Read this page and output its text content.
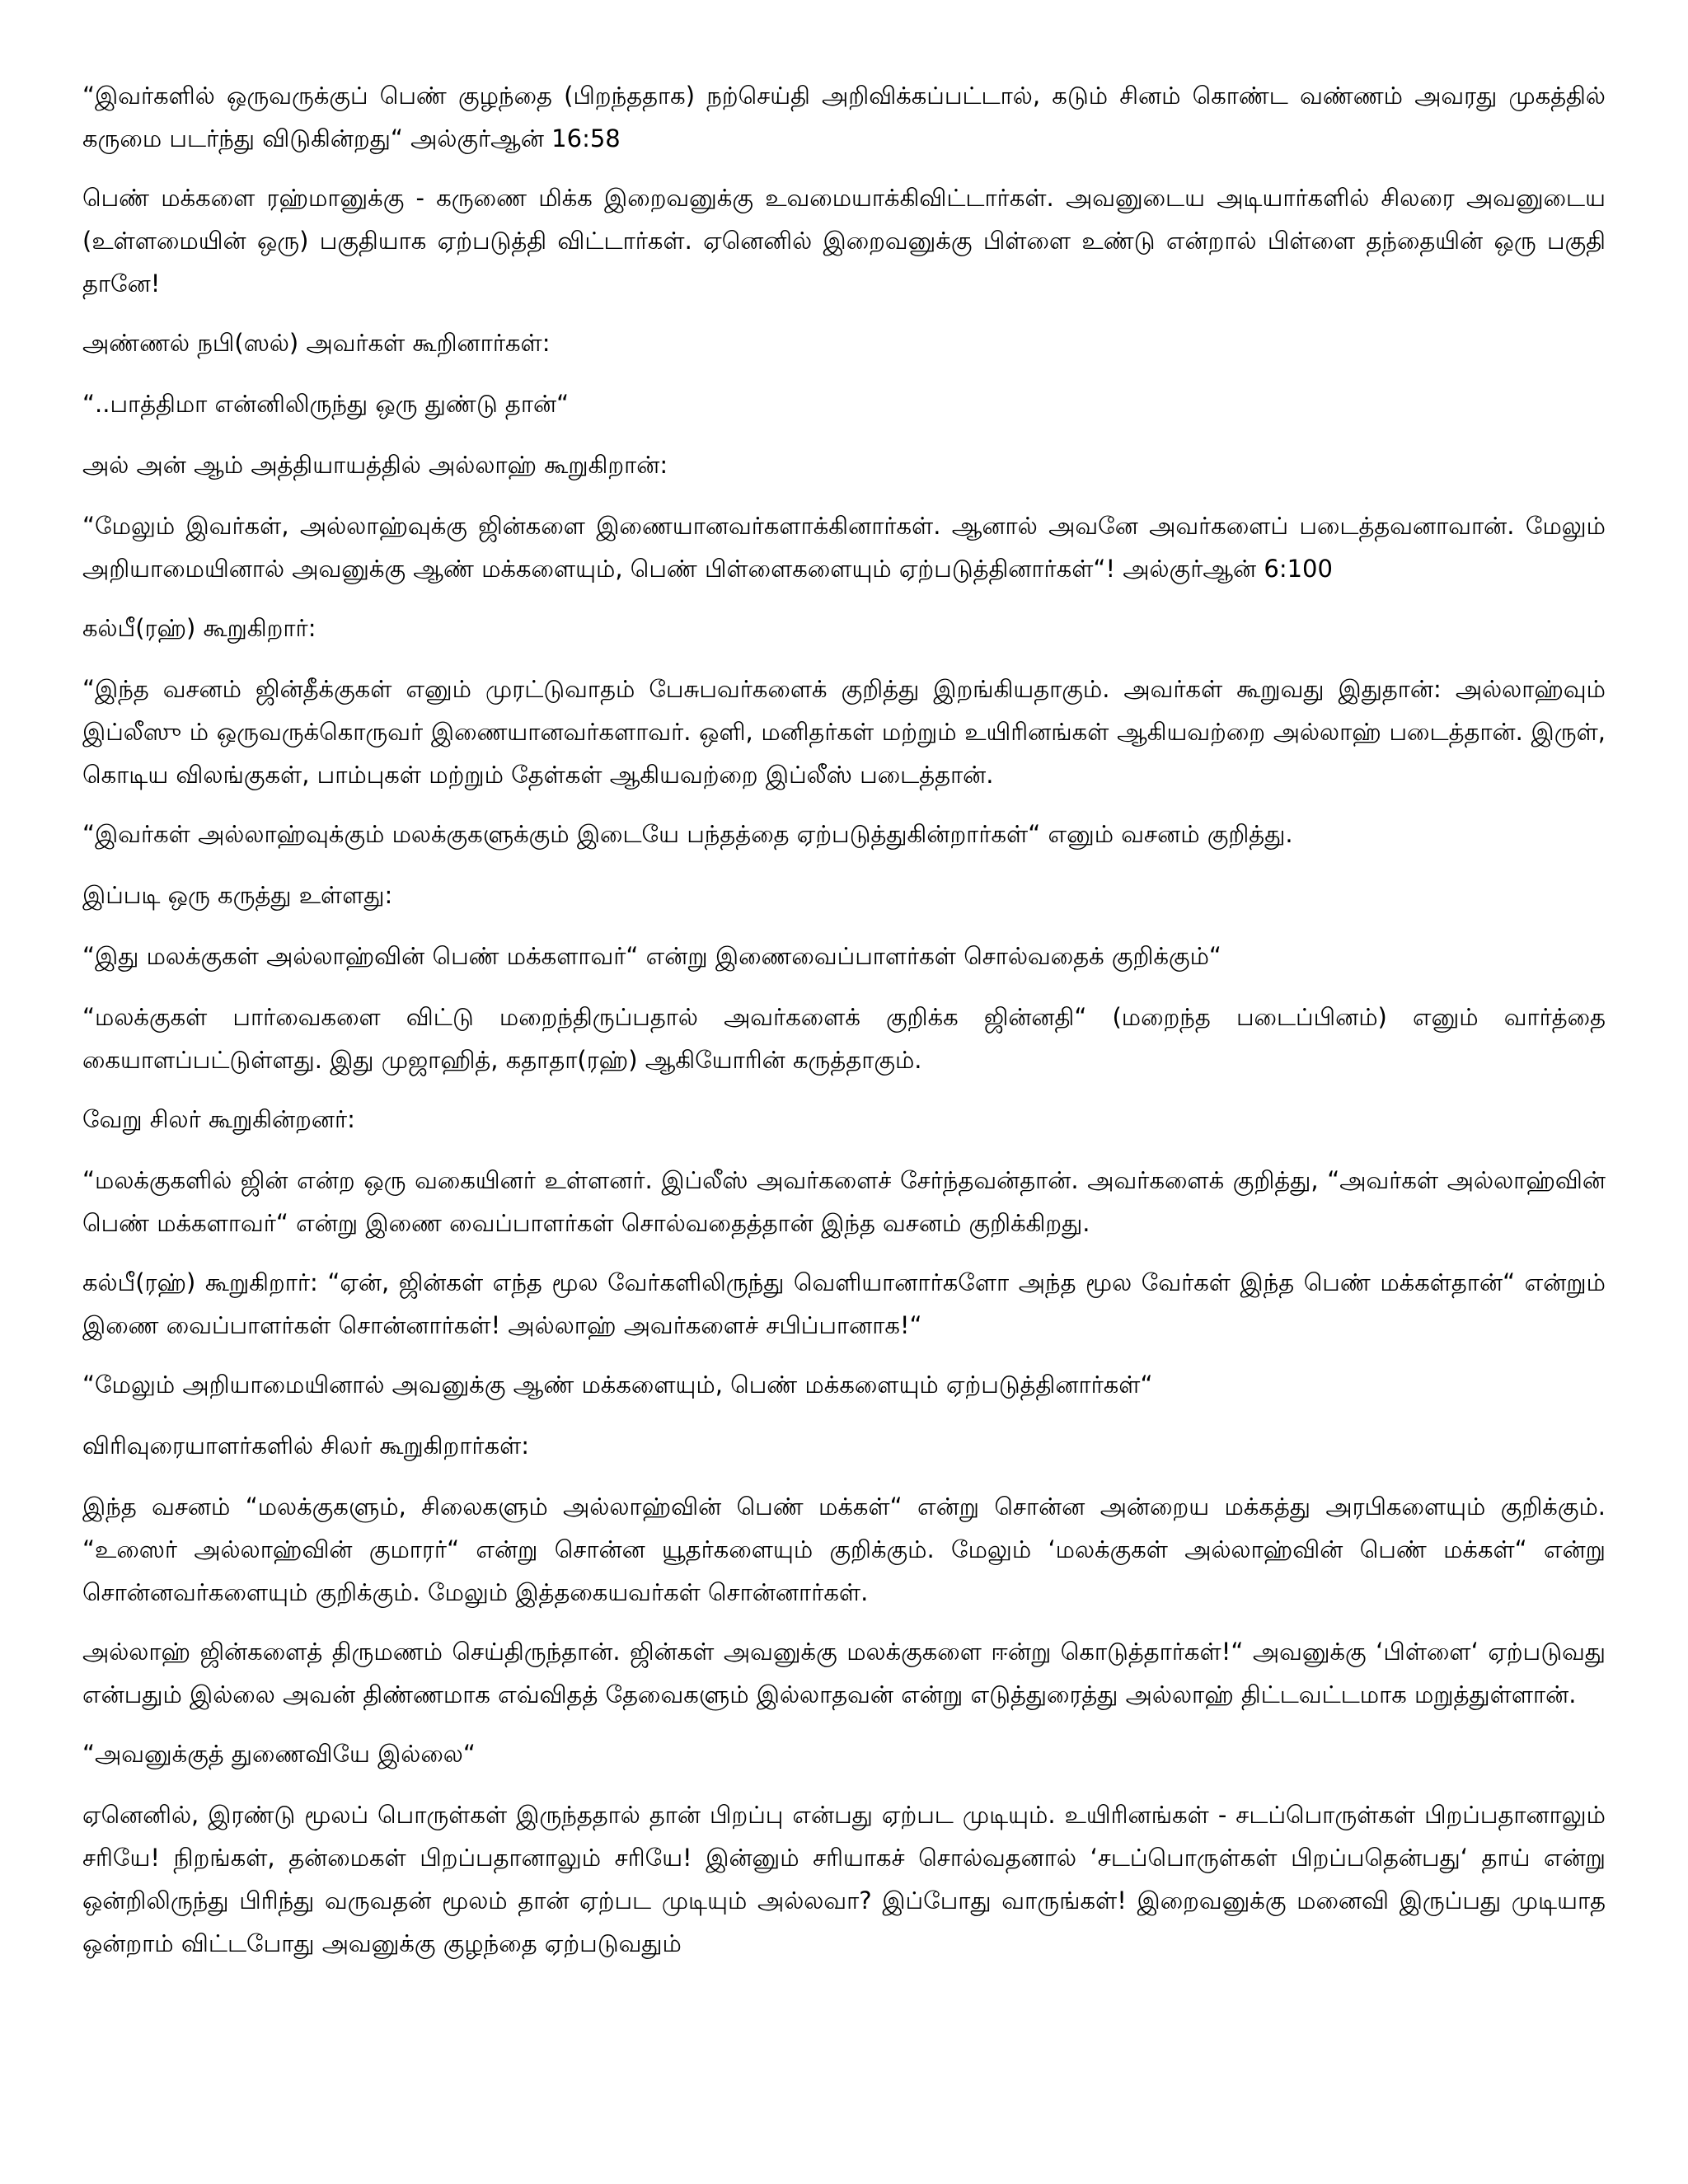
“இவர்களில் ஒருவருக்குப் பெண் குழந்தை (பிறந்ததாக) நற்செய்தி அறிவிக்கப்பட்டால், கடும் சினம் கொண்ட வண்ணம் அவரது முகத்தில் கருமை படர்ந்து விடுகின்றது“ அல்குர்ஆன் 16:58

பெண் மக்களை ரஹ்மானுக்கு - கருணை மிக்க இறைவனுக்கு உவமையாக்கிவிட்டார்கள். அவனுடைய அடியார்களில் சிலரை அவனுடைய (உள்ளமையின் ஒரு) பகுதியாக ஏற்படுத்தி விட்டார்கள். ஏனெனில் இறைவனுக்கு பிள்ளை உண்டு என்றால் பிள்ளை தந்தையின் ஒரு பகுதி தானே!

அண்ணல் நபி(ஸல்) அவர்கள் கூறினார்கள்:

“..பாத்திமா என்னிலிருந்து ஒரு துண்டு தான்“

அல் அன் ஆம் அத்தியாயத்தில் அல்லாஹ் கூறுகிறான்:

“மேலும் இவர்கள், அல்லாஹ்வுக்கு ஜின்களை இணையானவர்களாக்கினார்கள். ஆனால் அவனே அவர்களைப் படைத்தவனாவான். மேலும் அறியாமையினால் அவனுக்கு ஆண் மக்களையும், பெண் பிள்ளைகளையும் ஏற்படுத்தினார்கள்“! அல்குர்ஆன் 6:100

கல்பீ(ரஹ்) கூறுகிறார்:

“இந்த வசனம் ஜின்தீக்குகள் எனும் முரட்டுவாதம் பேசுபவர்களைக் குறித்து இறங்கியதாகும். அவர்கள் கூறுவது இதுதான்: அல்லாஹ்வும் இப்லீஸு ம் ஒருவருக்கொருவர் இணையானவர்களாவர். ஒளி, மனிதர்கள் மற்றும் உயிரினங்கள் ஆகியவற்றை அல்லாஹ் படைத்தான். இருள், கொடிய விலங்குகள், பாம்புகள் மற்றும் தேள்கள் ஆகியவற்றை இப்லீஸ் படைத்தான்.

“இவர்கள் அல்லாஹ்வுக்கும் மலக்குகளுக்கும் இடையே பந்தத்தை ஏற்படுத்துகின்றார்கள்“ எனும் வசனம் குறித்து.

இப்படி ஒரு கருத்து உள்ளது:

“இது மலக்குகள் அல்லாஹ்வின் பெண் மக்களாவர்“ என்று இணைவைப்பாளர்கள் சொல்வதைக் குறிக்கும்“

“மலக்குகள் பார்வைகளை விட்டு மறைந்திருப்பதால் அவர்களைக் குறிக்க ஜின்னதி“ (மறைந்த படைப்பினம்) எனும் வார்த்தை கையாளப்பட்டுள்ளது. இது முஜாஹித், கதாதா(ரஹ்) ஆகியோரின் கருத்தாகும்.

வேறு சிலர் கூறுகின்றனர்:

“மலக்குகளில் ஜின் என்ற ஒரு வகையினர் உள்ளனர். இப்லீஸ் அவர்களைச் சேர்ந்தவன்தான். அவர்களைக் குறித்து, “அவர்கள் அல்லாஹ்வின் பெண் மக்களாவர்“ என்று இணை வைப்பாளர்கள் சொல்வதைத்தான் இந்த வசனம் குறிக்கிறது.

கல்பீ(ரஹ்) கூறுகிறார்: “ஏன், ஜின்கள் எந்த மூல வேர்களிலிருந்து வெளியானார்களோ அந்த மூல வேர்கள் இந்த பெண் மக்கள்தான்“ என்றும் இணை வைப்பாளர்கள் சொன்னார்கள்! அல்லாஹ் அவர்களைச் சபிப்பானாக!“

“மேலும் அறியாமையினால் அவனுக்கு ஆண் மக்களையும், பெண் மக்களையும் ஏற்படுத்தினார்கள்“

விரிவுரையாளர்களில் சிலர் கூறுகிறார்கள்:

இந்த வசனம் “மலக்குகளும், சிலைகளும் அல்லாஹ்வின் பெண் மக்கள்“ என்று சொன்ன அன்றைய மக்கத்து அரபிகளையும் குறிக்கும். “உஸைர் அல்லாஹ்வின் குமாரர்“ என்று சொன்ன யூதர்களையும் குறிக்கும். மேலும் ‘மலக்குகள் அல்லாஹ்வின் பெண் மக்கள்“ என்று சொன்னவர்களையும் குறிக்கும். மேலும் இத்தகையவர்கள் சொன்னார்கள்.

அல்லாஹ் ஜின்களைத் திருமணம் செய்திருந்தான். ஜின்கள் அவனுக்கு மலக்குகளை ஈன்று கொடுத்தார்கள்!“ அவனுக்கு ‘பிள்ளை‘ ஏற்படுவது என்பதும் இல்லை அவன் திண்ணமாக எவ்விதத் தேவைகளும் இல்லாதவன் என்று எடுத்துரைத்து அல்லாஹ் திட்டவட்டமாக மறுத்துள்ளான்.

“அவனுக்குத் துணைவியே இல்லை“

ஏனெனில், இரண்டு மூலப் பொருள்கள் இருந்ததால் தான் பிறப்பு என்பது ஏற்பட முடியும். உயிரினங்கள் - சடப்பொருள்கள் பிறப்பதானாலும் சரியே! நிறங்கள், தன்மைகள் பிறப்பதானாலும் சரியே! இன்னும் சரியாகச் சொல்வதனால் ‘சடப்பொருள்கள் பிறப்பதென்பது‘ தாய் என்று ஒன்றிலிருந்து பிரிந்து வருவதன் மூலம் தான் ஏற்பட முடியும் அல்லவா? இப்போது வாருங்கள்! இறைவனுக்கு மனைவி இருப்பது முடியாத ஒன்றாம் விட்டபோது அவனுக்கு குழந்தை ஏற்படுவதும்
